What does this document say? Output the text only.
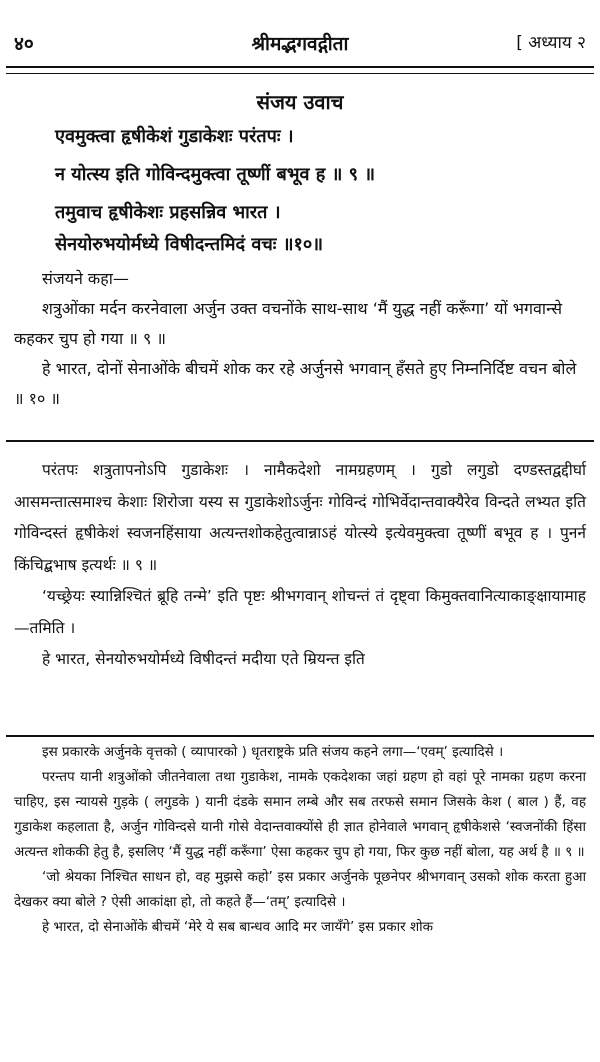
४०	श्रीमद्भगवद्गीता	[ अध्याय २
संजय उवाच
एवमुक्त्वा हृषीकेशं गुडाकेशः परंतपः ।
न योत्स्य इति गोविन्दमुक्त्वा तूष्णीं बभूव ह ॥ ९ ॥
तमुवाच हृषीकेशः प्रहसन्निव भारत ।
सेनयोरुभयोर्मध्ये विषीदन्तमिदं वचः ॥१०॥

संजयने कहा—

शत्रुओंका मर्दन करनेवाला अर्जुन उक्त वचनोंके साथ-साथ ‘मैं युद्ध नहीं करूँगा’ यों भगवान्से कहकर चुप हो गया ॥ ९ ॥

हे भारत, दोनों सेनाओंके बीचमें शोक कर रहे अर्जुनसे भगवान् हँसते हुए निम्ननिर्दिष्ट वचन बोले ॥ १० ॥

परंतपः शत्रुतापनोऽपि गुडाकेशः । नामैकदेशो नामग्रहणम् । गुडो लगुडो दण्डस्तद्वद्दीर्घा आसमन्तात्समाश्च केशाः शिरोजा यस्य स गुडाकेशोऽर्जुनः गोविन्दं गोभिर्वेदान्तवाक्यैरेव विन्दते लभ्यत इति गोविन्दस्तं हृषीकेशं स्वजनहिंसाया अत्यन्तशोकहेतुत्वान्नाऽहं योत्स्ये इत्येवमुक्त्वा तूष्णीं बभूव ह । पुनर्न किंचिद्बभाष इत्यर्थः ॥ ९ ॥

‘यच्छ्रेयः स्यान्निश्चितं ब्रूहि तन्मे’ इति पृष्टः श्रीभगवान् शोचन्तं तं दृष्ट्वा किमुक्तवानित्याकाङ्क्षायामाह—तमिति ।

हे भारत, सेनयोरुभयोर्मध्ये विषीदन्तं मदीया एते म्रियन्त इति

इस प्रकारके अर्जुनके वृत्तको ( व्यापारको ) धृतराष्ट्रके प्रति संजय कहने लगा—‘एवम्’ इत्यादिसे ।

परन्तप यानी शत्रुओंको जीतनेवाला तथा गुडाकेश, नामके एकदेशका जहां ग्रहण हो वहां पूरे नामका ग्रहण करना चाहिए, इस न्यायसे गुड़के ( लगुडके ) यानी दंडके समान लम्बे और सब तरफसे समान जिसके केश ( बाल ) हैं, वह गुडाकेश कहलाता है, अर्जुन गोविन्दसे यानी गोसे वेदान्तवाक्योंसे ही ज्ञात होनेवाले भगवान् हृषीकेशसे ‘स्वजनोंकी हिंसा अत्यन्त शोककी हेतु है, इसलिए ‘मैं युद्ध नहीं करूँगा’ ऐसा कहकर चुप हो गया, फिर कुछ नहीं बोला, यह अर्थ है ॥ ९ ॥

‘जो श्रेयका निश्चित साधन हो, वह मुझसे कहो’ इस प्रकार अर्जुनके पूछनेपर श्रीभगवान् उसको शोक करता हुआ देखकर क्या बोले ? ऐसी आकांक्षा हो, तो कहते हैं—‘तम्’ इत्यादिसे ।

हे भारत, दो सेनाओंके बीचमें ‘मेरे ये सब बान्धव आदि मर जायँगे’ इस प्रकार शोक
